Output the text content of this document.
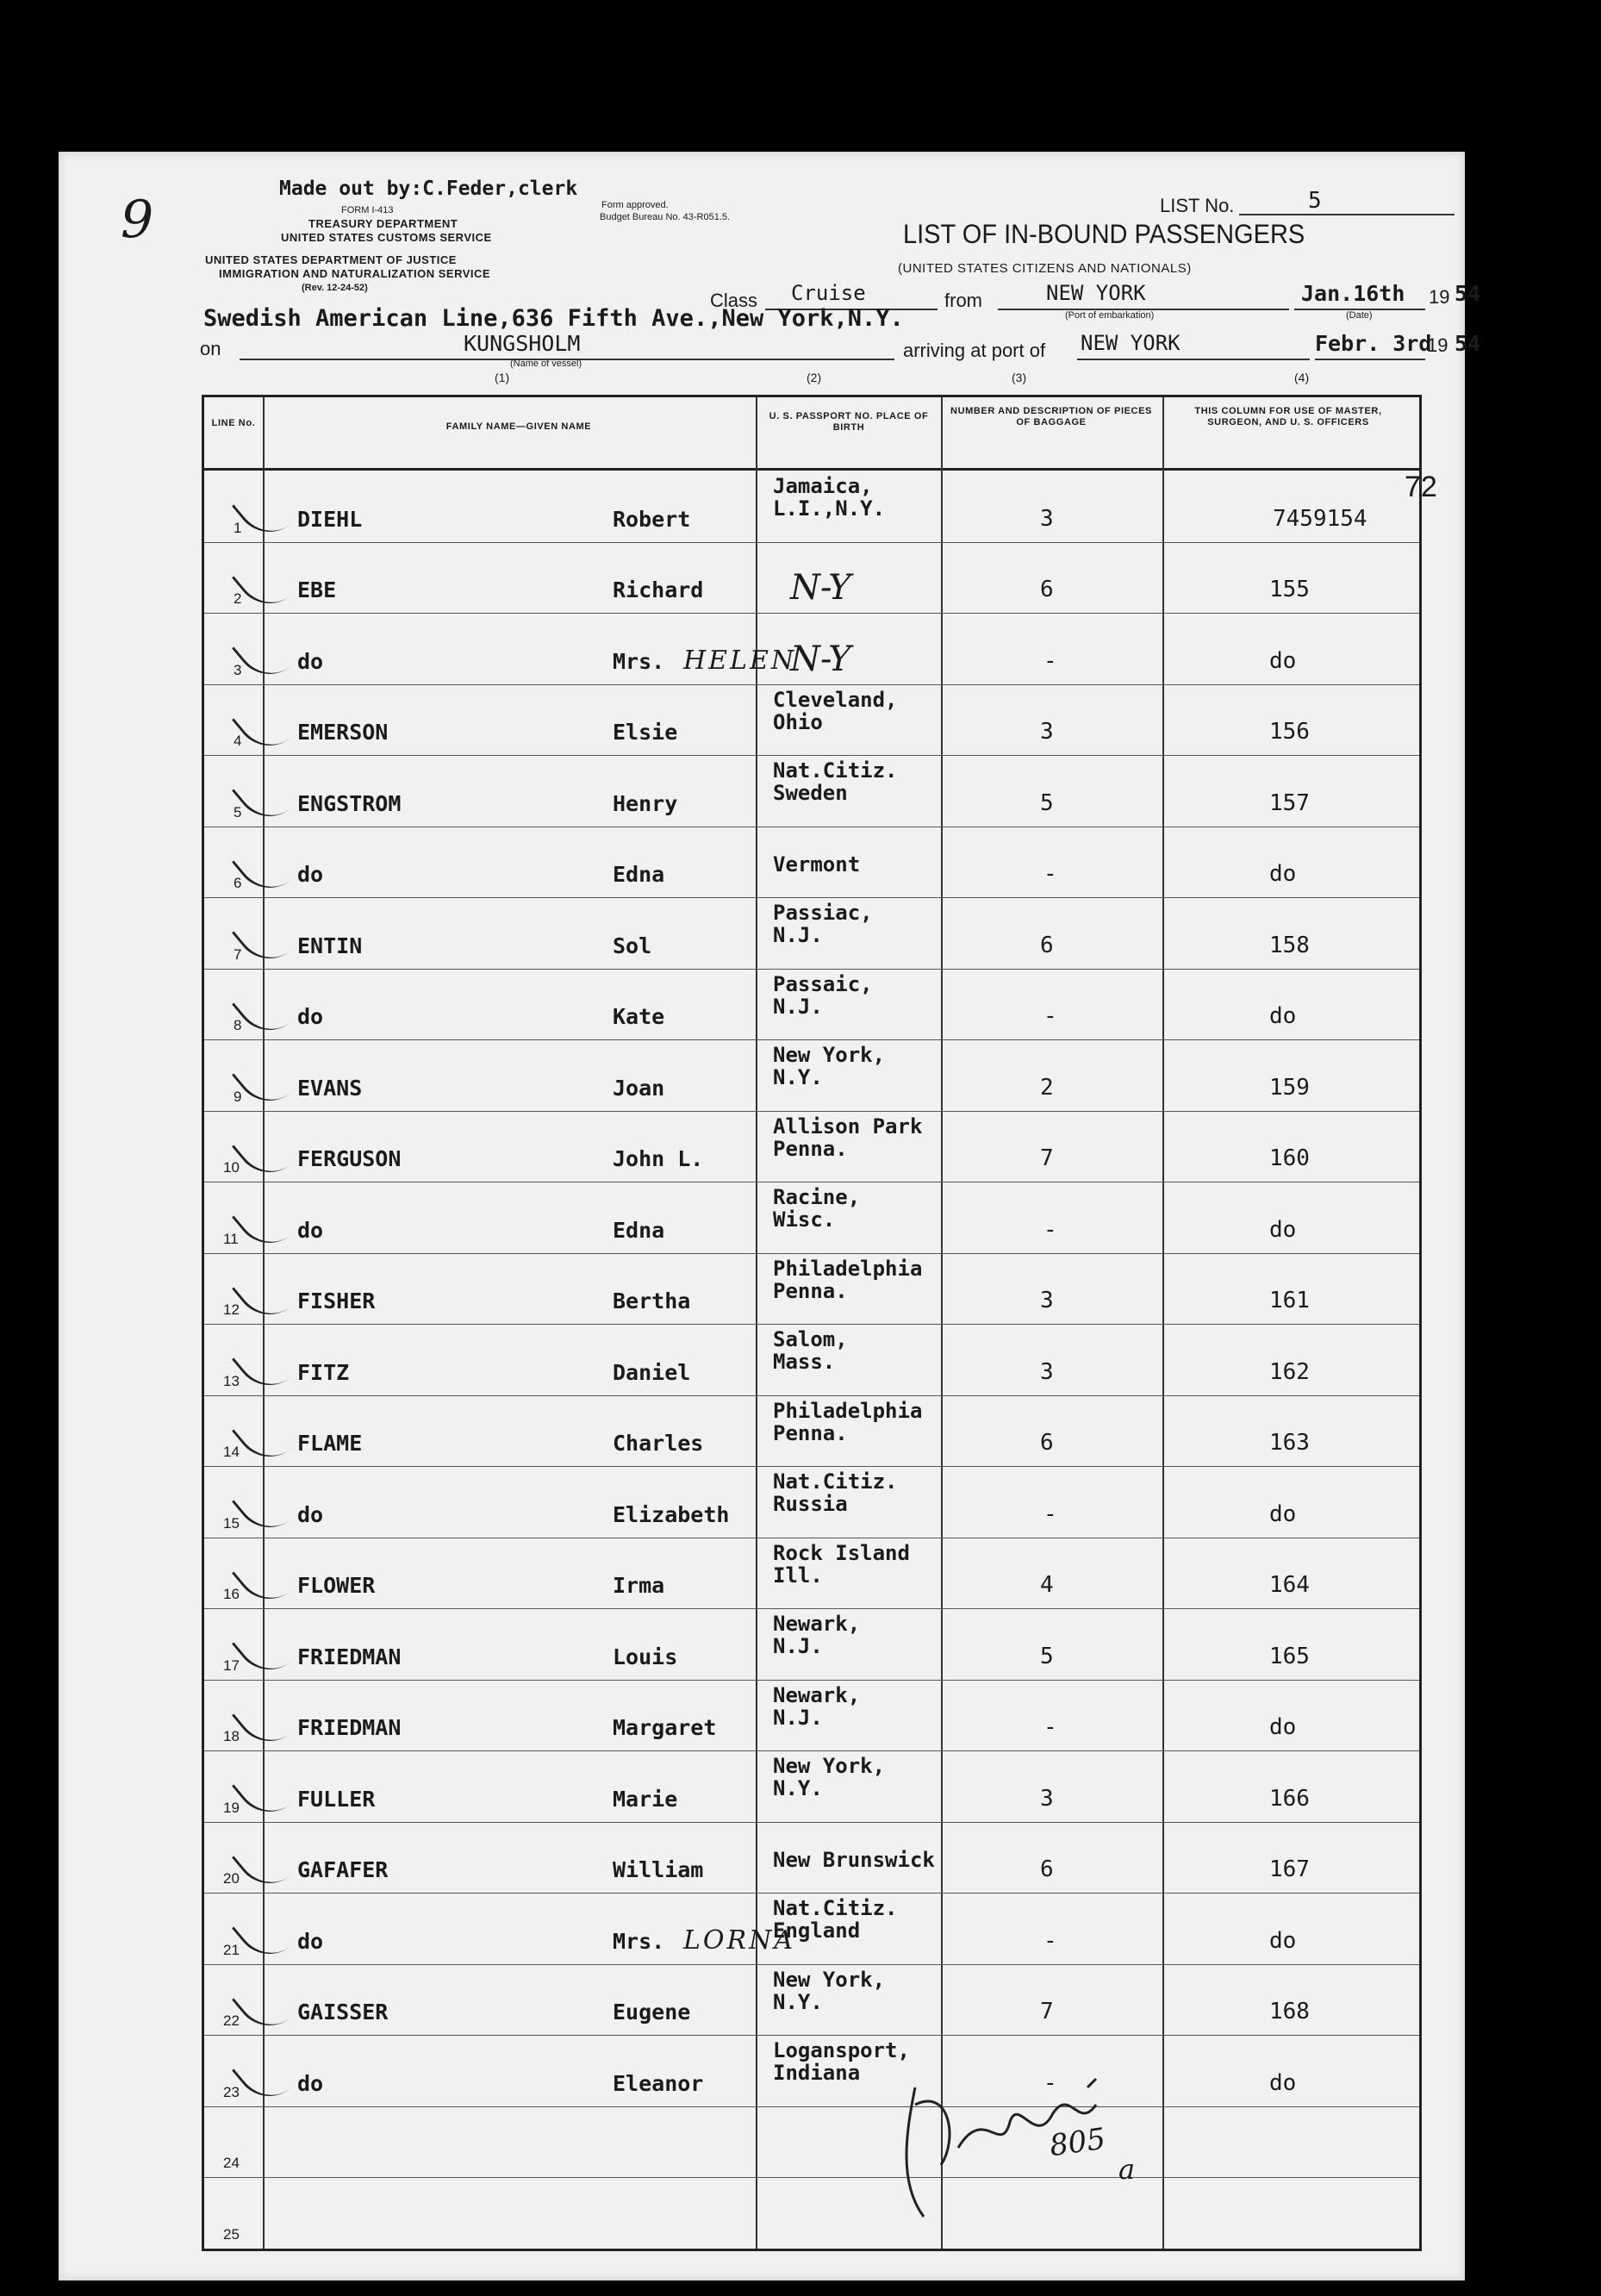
9
Made out by:C.Feder,clerk
FORM I-413
TREASURY DEPARTMENT
UNITED STATES CUSTOMS SERVICE
UNITED STATES DEPARTMENT OF JUSTICE
IMMIGRATION AND NATURALIZATION SERVICE
(Rev. 12-24-52)
Form approved.
Budget Bureau No. 43-R051.5.
LIST No.	5
LIST OF IN-BOUND PASSENGERS
(UNITED STATES CITIZENS AND NATIONALS)
Class Cruise	from	NEW YORK
(Port of embarkation)
Jan.16th
(Date)
19 54
Swedish American Line,636 Fifth Ave.,New York,N.Y.
on	KUNGSHOLM
(Name of vessel)
arriving at port of NEW YORK	Febr. 3rd
19 54
(1)	(2)	(3)	(4)
72
LINE No.	FAMILY NAME—GIVEN NAME
U. S. PASSPORT NO. PLACE OF BIRTH
NUMBER AND DESCRIPTION OF PIECES OF BAGGAGE
THIS COLUMN FOR USE OF MASTER, SURGEON, AND U. S. OFFICERS
1	DIEHL	Robert
Jamaica,
L.I.,N.Y.	3	7459154
2	EBE	Richard	N-Y	6	155
3	do	Mrs. HELEN
N-Y	-	do
4	EMERSON	Elsie
Cleveland,
Ohio	3	156
5	ENGSTROM	Henry
Nat.Citiz.
Sweden	5	157
6	do	Edna	Vermont	-	do
7	ENTIN	Sol
Passiac,
N.J.	6	158
8	do	Kate
Passaic,
N.J.	-	do
9	EVANS	Joan
New York,
N.Y.	2	159
10	FERGUSON	John L.
Allison Park
Penna.	7	160
11	do	Edna
Racine,
Wisc.	-	do
12	FISHER	Bertha
Philadelphia
Penna.	3	161
13	FITZ	Daniel
Salom,
Mass.	3	162
14	FLAME	Charles
Philadelphia
Penna.	6	163
15	do	Elizabeth
Nat.Citiz.
Russia	-	do
16	FLOWER	Irma
Rock Island
Ill.	4	164
17	FRIEDMAN	Louis
Newark,
N.J.	5	165
18	FRIEDMAN	Margaret
Newark,
N.J.	-	do
19	FULLER	Marie
New York,
N.Y.	3	166
20	GAFAFER	William	New Brunswick	6	167
21	do	Mrs. LORNA
Nat.Citiz.
England	-	do
22	GAISSER	Eugene
New York,
N.Y.	7	168
23	do	Eleanor
Logansport,
Indiana	-	do
24
25
805
a
